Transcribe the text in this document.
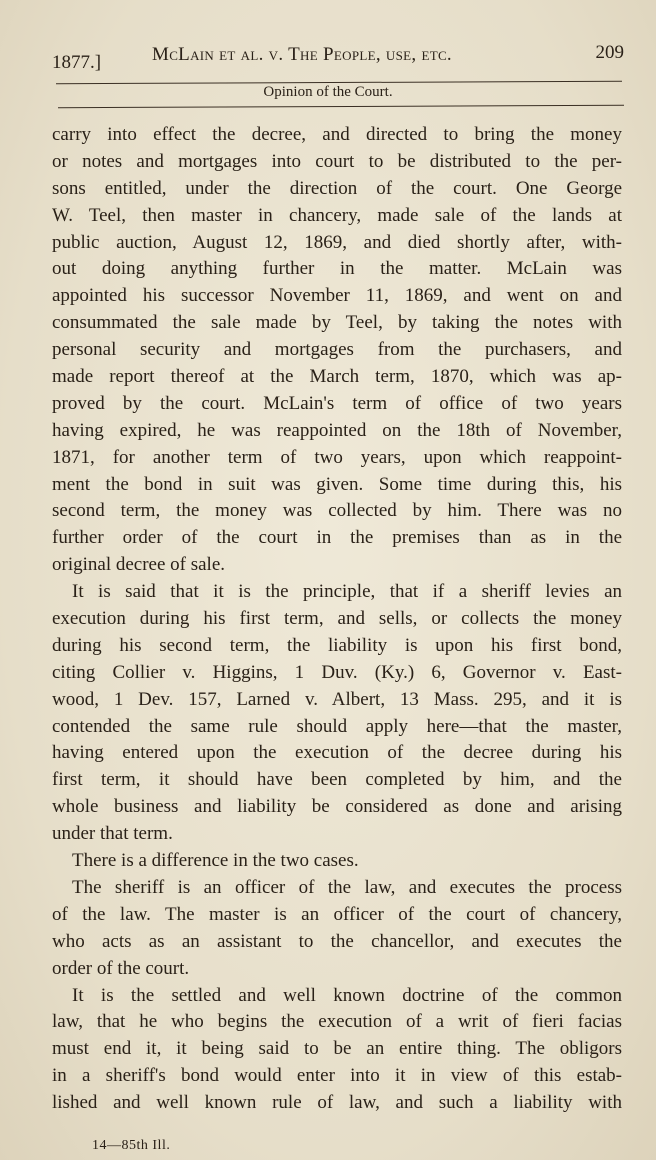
1877.]	McLain et al. v. The People, use, etc.	209
Opinion of the Court.
carry into effect the decree, and directed to bring the money
or notes and mortgages into court to be distributed to the per-
sons entitled, under the direction of the court. One George
W. Teel, then master in chancery, made sale of the lands at
public auction, August 12, 1869, and died shortly after, with-
out doing anything further in the matter. McLain was
appointed his successor November 11, 1869, and went on and
consummated the sale made by Teel, by taking the notes with
personal security and mortgages from the purchasers, and
made report thereof at the March term, 1870, which was ap-
proved by the court. McLain's term of office of two years
having expired, he was reappointed on the 18th of November,
1871, for another term of two years, upon which reappoint-
ment the bond in suit was given. Some time during this, his
second term, the money was collected by him. There was no
further order of the court in the premises than as in the
original decree of sale.
It is said that it is the principle, that if a sheriff levies an
execution during his first term, and sells, or collects the money
during his second term, the liability is upon his first bond,
citing Collier v. Higgins, 1 Duv. (Ky.) 6, Governor v. East-
wood, 1 Dev. 157, Larned v. Albert, 13 Mass. 295, and it is
contended the same rule should apply here—that the master,
having entered upon the execution of the decree during his
first term, it should have been completed by him, and the
whole business and liability be considered as done and arising
under that term.
There is a difference in the two cases.
The sheriff is an officer of the law, and executes the process
of the law. The master is an officer of the court of chancery,
who acts as an assistant to the chancellor, and executes the
order of the court.
It is the settled and well known doctrine of the common
law, that he who begins the execution of a writ of fieri facias
must end it, it being said to be an entire thing. The obligors
in a sheriff's bond would enter into it in view of this estab-
lished and well known rule of law, and such a liability with
14—85th Ill.
